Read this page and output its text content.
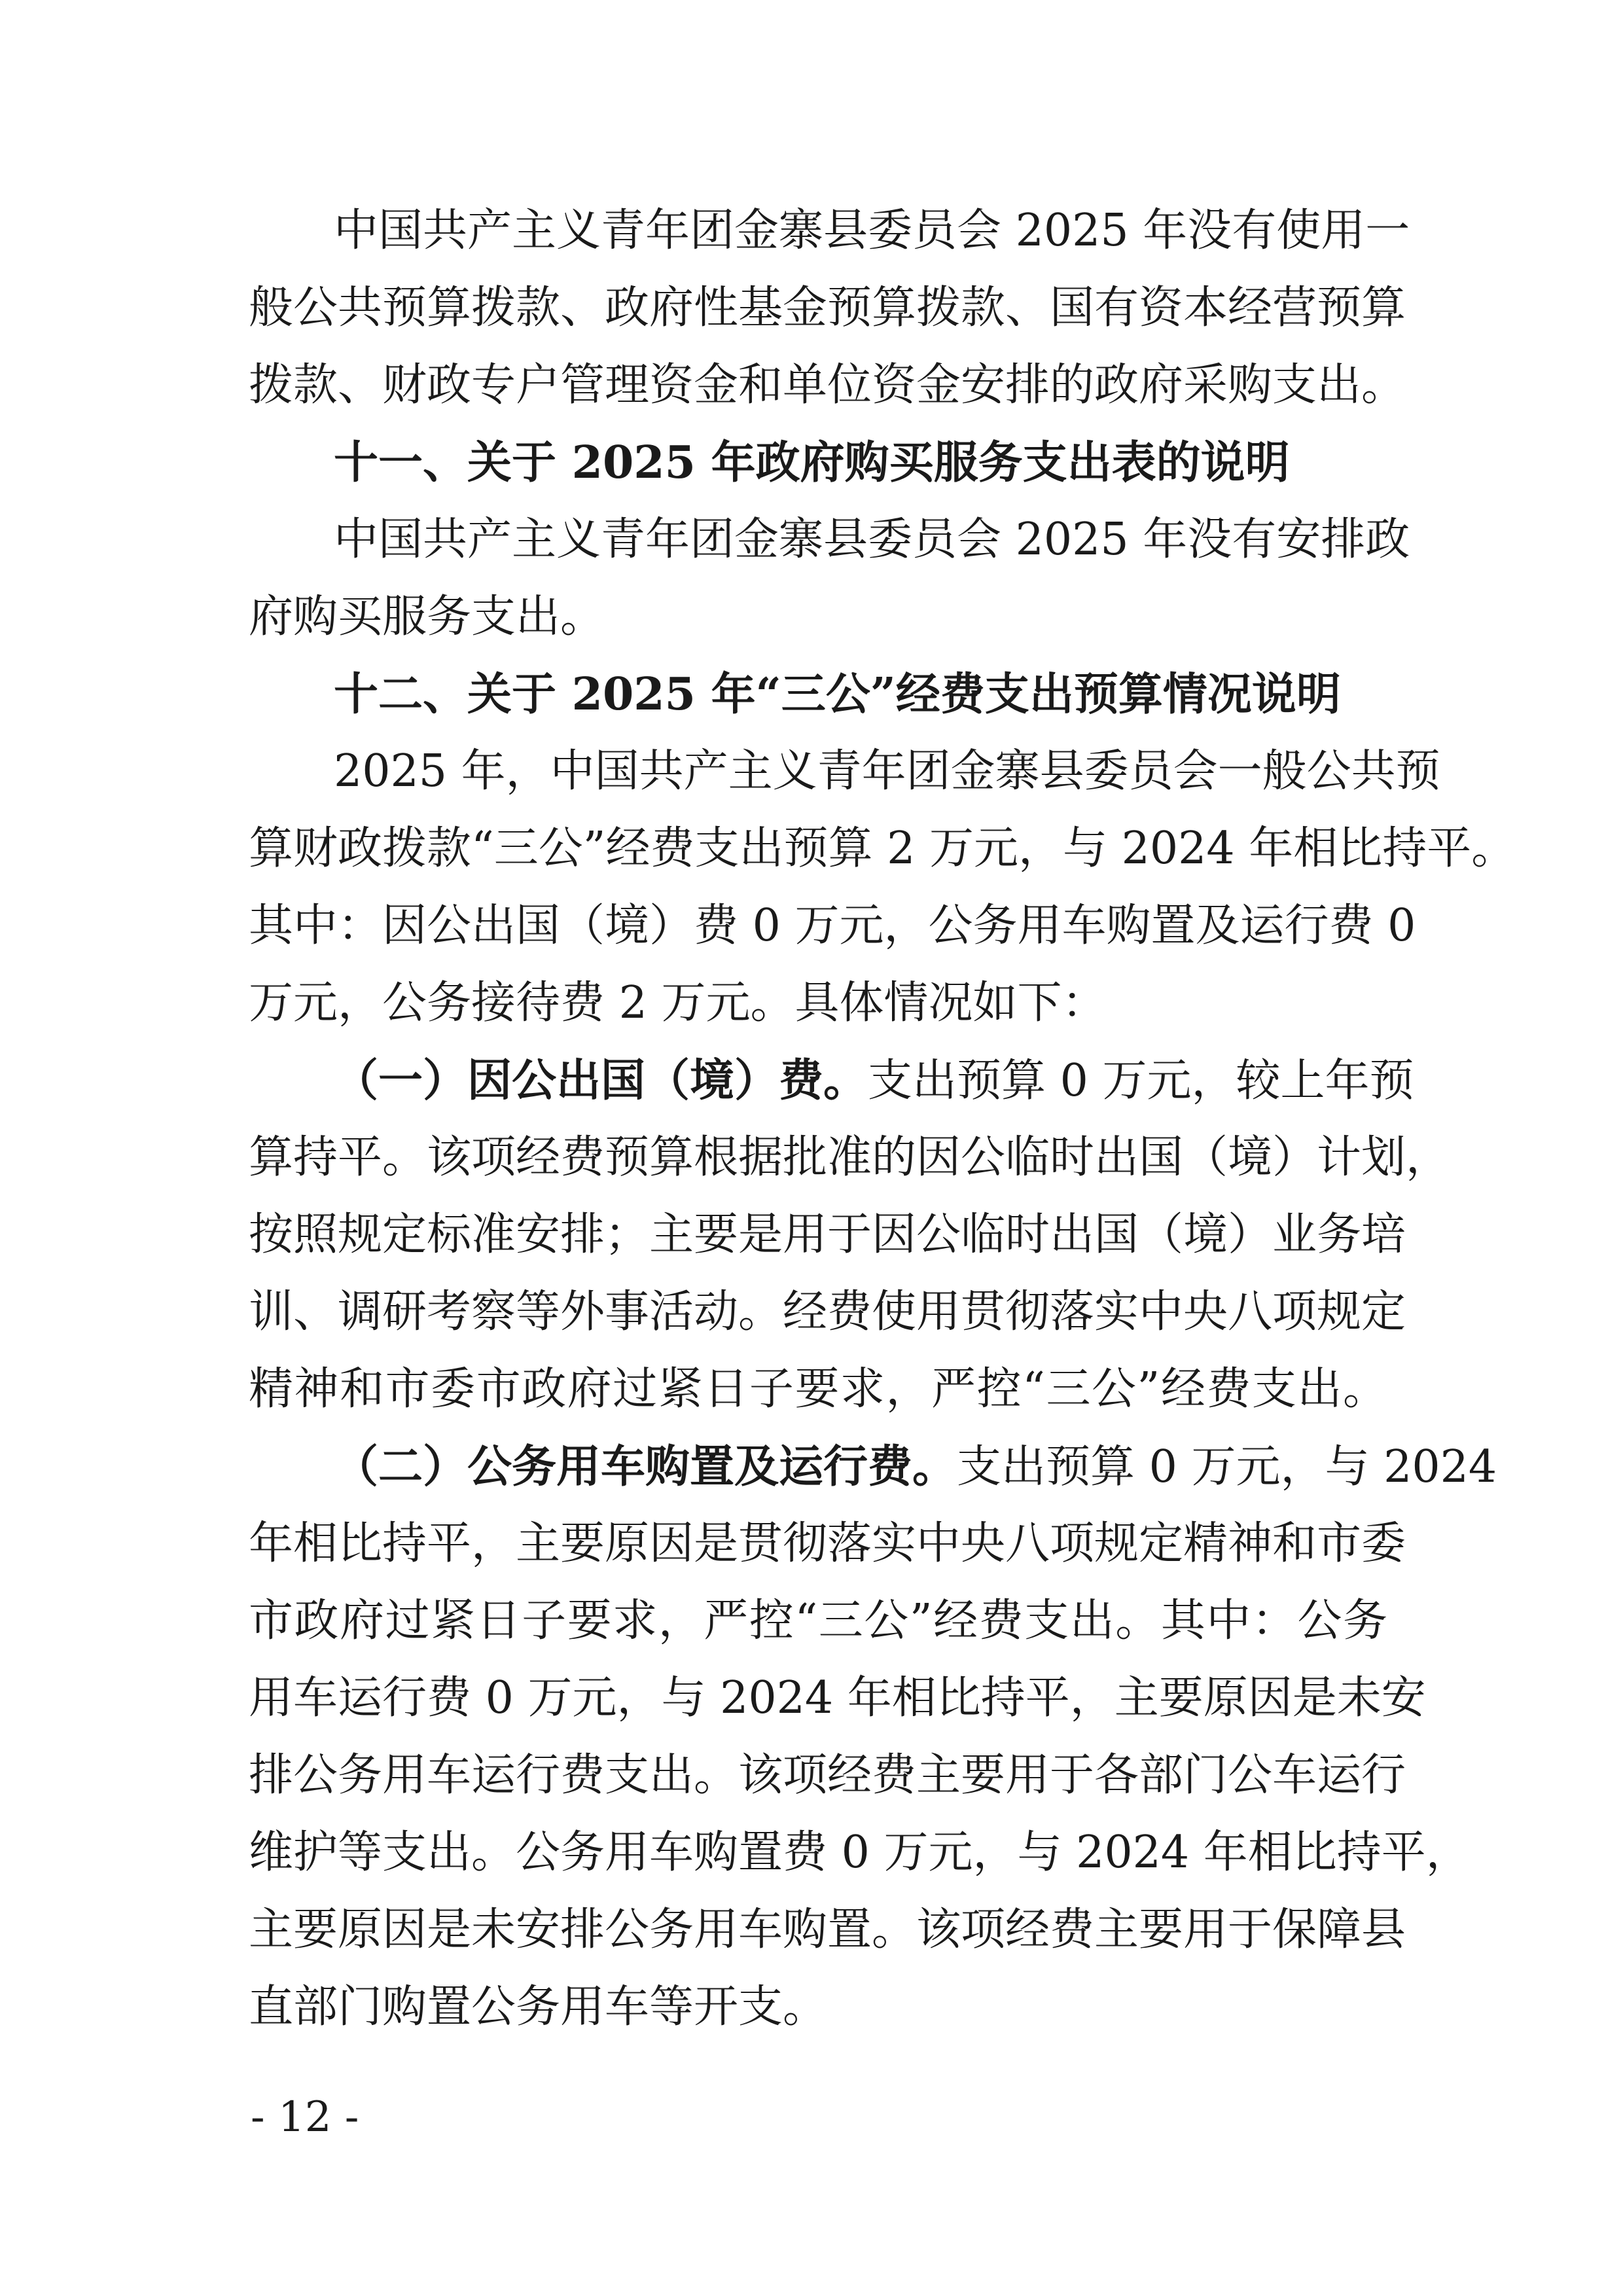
中国共产主义青年团金寨县委员会 2025 年没有使用一
般公共预算拨款、政府性基金预算拨款、国有资本经营预算
拨款、财政专户管理资金和单位资金安排的政府采购支出。
十一、关于 2025 年政府购买服务支出表的说明
中国共产主义青年团金寨县委员会 2025 年没有安排政
府购买服务支出。
十二、关于 2025 年“三公”经费支出预算情况说明
2025 年，中国共产主义青年团金寨县委员会一般公共预
算财政拨款“三公”经费支出预算 2 万元，与 2024 年相比持平。
其中：因公出国（境）费 0 万元，公务用车购置及运行费 0
万元，公务接待费 2 万元。具体情况如下：
（一）因公出国（境）费。支出预算 0 万元，较上年预
算持平。该项经费预算根据批准的因公临时出国（境）计划，
按照规定标准安排；主要是用于因公临时出国（境）业务培
训、调研考察等外事活动。经费使用贯彻落实中央八项规定
精神和市委市政府过紧日子要求，严控“三公”经费支出。
（二）公务用车购置及运行费。支出预算 0 万元，与 2024
年相比持平，主要原因是贯彻落实中央八项规定精神和市委
市政府过紧日子要求，严控“三公”经费支出。其中：公务
用车运行费 0 万元，与 2024 年相比持平，主要原因是未安
排公务用车运行费支出。该项经费主要用于各部门公车运行
维护等支出。公务用车购置费 0 万元，与 2024 年相比持平，
主要原因是未安排公务用车购置。该项经费主要用于保障县
直部门购置公务用车等开支。
- 12 -
